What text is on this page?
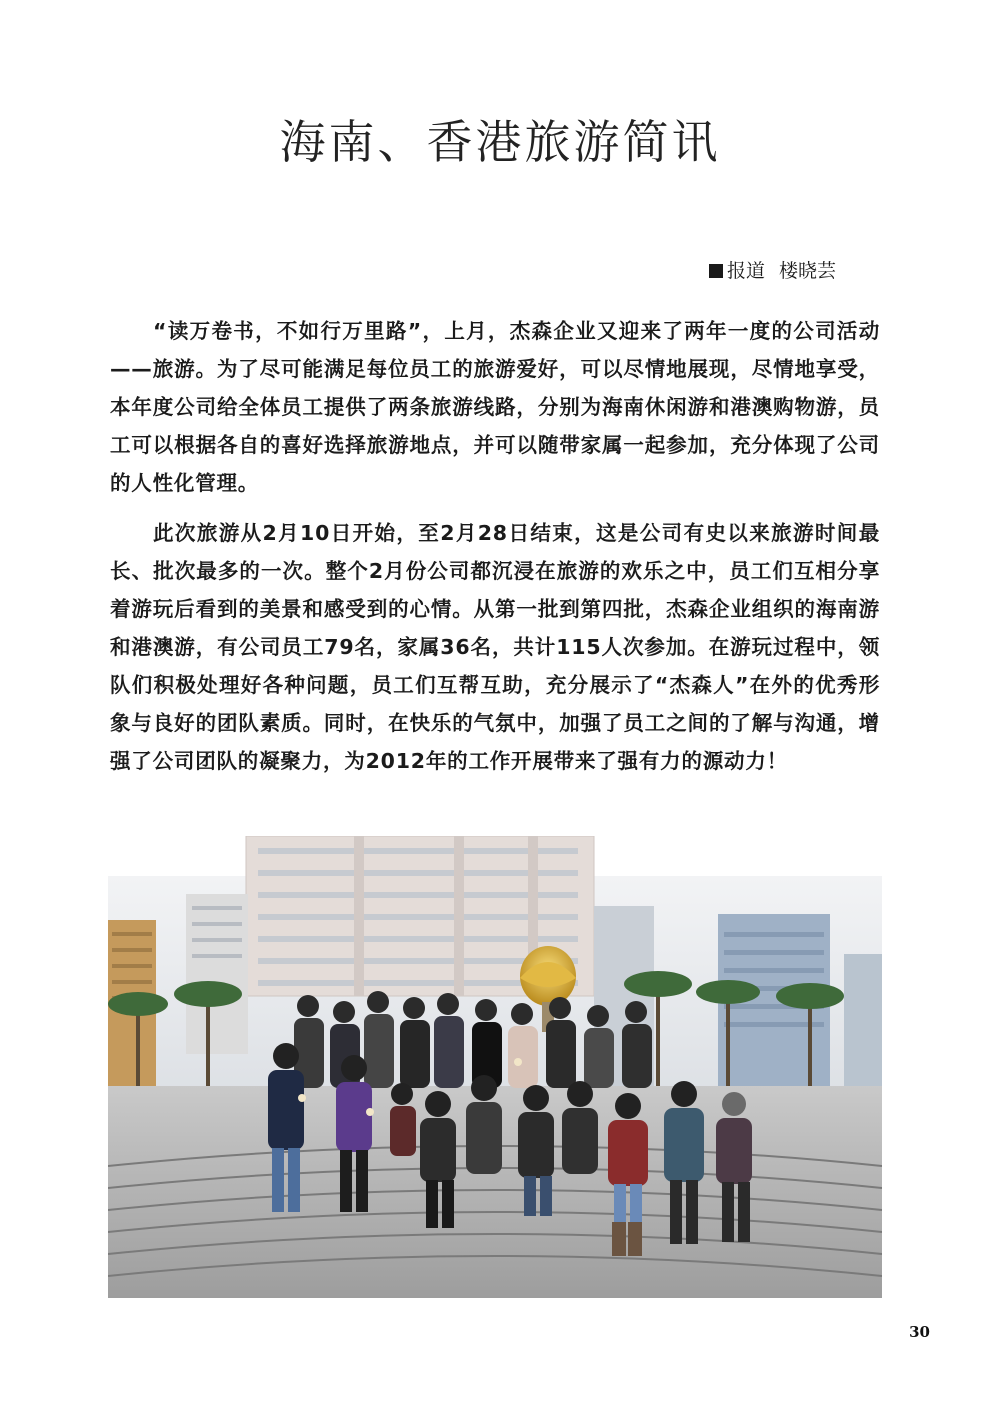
海南、香港旅游简讯
报道 楼晓芸

“读万卷书，不如行万里路”，上月，杰森企业又迎来了两年一度的公司活动——旅游。为了尽可能满足每位员工的旅游爱好，可以尽情地展现，尽情地享受，本年度公司给全体员工提供了两条旅游线路，分别为海南休闲游和港澳购物游，员工可以根据各自的喜好选择旅游地点，并可以随带家属一起参加，充分体现了公司的人性化管理。

此次旅游从2月10日开始，至2月28日结束，这是公司有史以来旅游时间最长、批次最多的一次。整个2月份公司都沉浸在旅游的欢乐之中，员工们互相分享着游玩后看到的美景和感受到的心情。从第一批到第四批，杰森企业组织的海南游和港澳游，有公司员工79名，家属36名，共计115人次参加。在游玩过程中，领队们积极处理好各种问题，员工们互帮互助，充分展示了“杰森人”在外的优秀形象与良好的团队素质。同时，在快乐的气氛中，加强了员工之间的了解与沟通，增强了公司团队的凝聚力，为2012年的工作开展带来了强有力的源动力！

30
